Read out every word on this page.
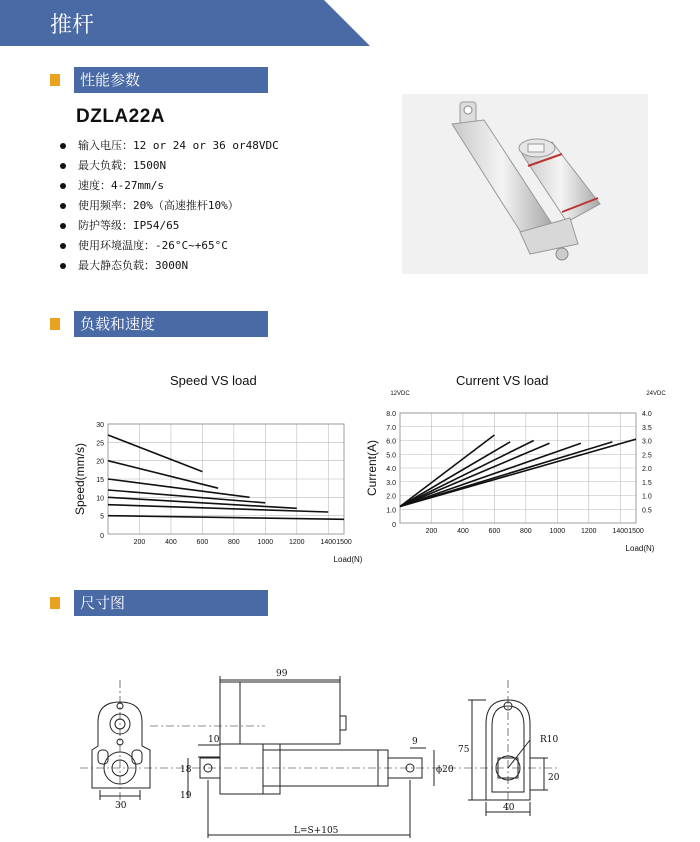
推杆
性能参数
DZLA22A
输入电压：12 or 24 or 36 or48VDC
最大负载：1500N
速度：4-27mm/s
使用频率：20%（高速推杆10%）
防护等级：IP54/65
使用环境温度：-26°C~+65°C
最大静态负载：3000N
负载和速度
Speed VS load
200	400	600	800	1000 1200 1400 1500
0
5
10
15
20
25
30
Load(N)
Speed(mm/s)
Current VS load
200	400	600	800	1000 1200 1400 1500
0
1.0
2.0
3.0
4.0
5.0
6.0
7.0
8.0
0.5
1.0
1.5
2.0
2.5
3.0
3.5
4.0
Load(N)
Current(A)
12VDC	24VDC
尺寸图
99
10
18
19
30
9
ϕ20
75
R10
20
40
L=S+105
